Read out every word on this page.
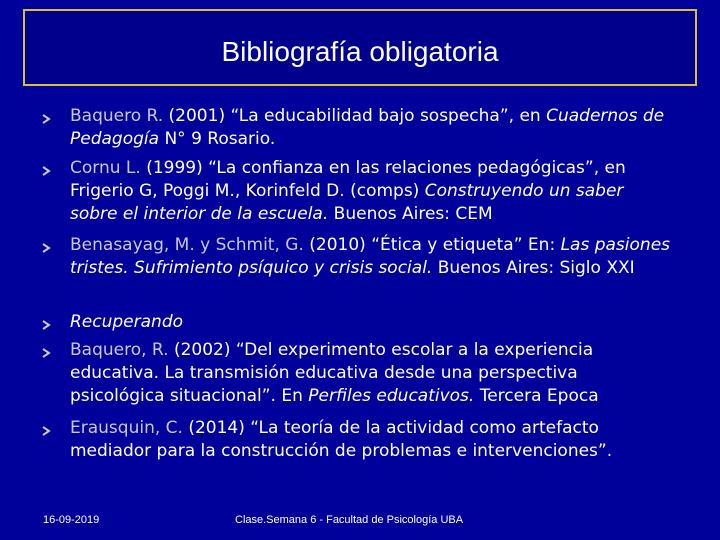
Bibliografía obligatoria
Baquero R. (2001) “La educabilidad bajo sospecha”, en Cuadernos de Pedagogía N° 9 Rosario.
Cornu L. (1999) “La confianza en las relaciones pedagógicas”, en Frigerio G, Poggi M., Korinfeld D. (comps) Construyendo un saber sobre el interior de la escuela. Buenos Aires: CEM
Benasayag, M. y Schmit, G. (2010) “Ética y etiqueta” En: Las pasiones tristes. Sufrimiento psíquico y crisis social. Buenos Aires: Siglo XXI
Recuperando
Baquero, R. (2002) “Del experimento escolar a la experiencia educativa. La transmisión educativa desde una perspectiva psicológica situacional”. En Perfiles educativos. Tercera Epoca
Erausquin, C. (2014) “La teoría de la actividad como artefacto mediador para la construcción de problemas e intervenciones”.
16-09-2019	Clase.Semana 6 - Facultad de Psicología UBA
